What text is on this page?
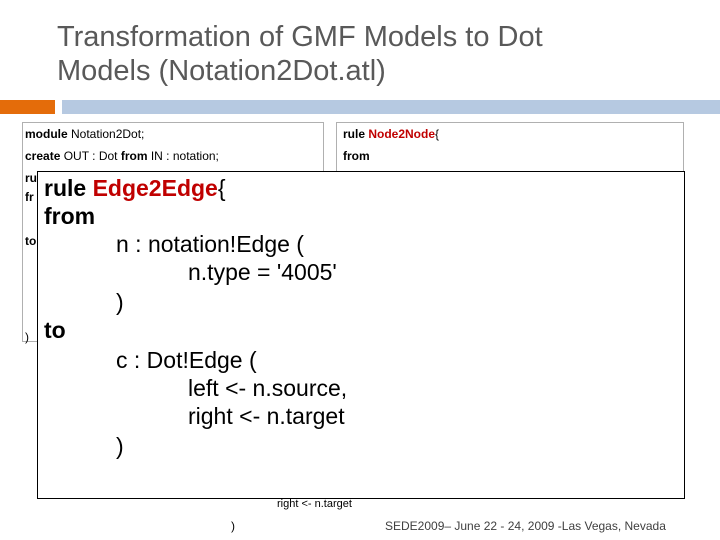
Transformation of GMF Models to Dot
Models (Notation2Dot.atl)
module Notation2Dot;
create OUT : Dot from IN : notation;
ru
fr
to
)
rule Node2Node{
from
rule Edge2Edge{
from
n : notation!Edge (
n.type = '4005'
)
to
c : Dot!Edge (
left <- n.source,
right <- n.target
)
right <- n.target
)	SEDE2009– June 22 - 24, 2009 -Las Vegas, Nevada
